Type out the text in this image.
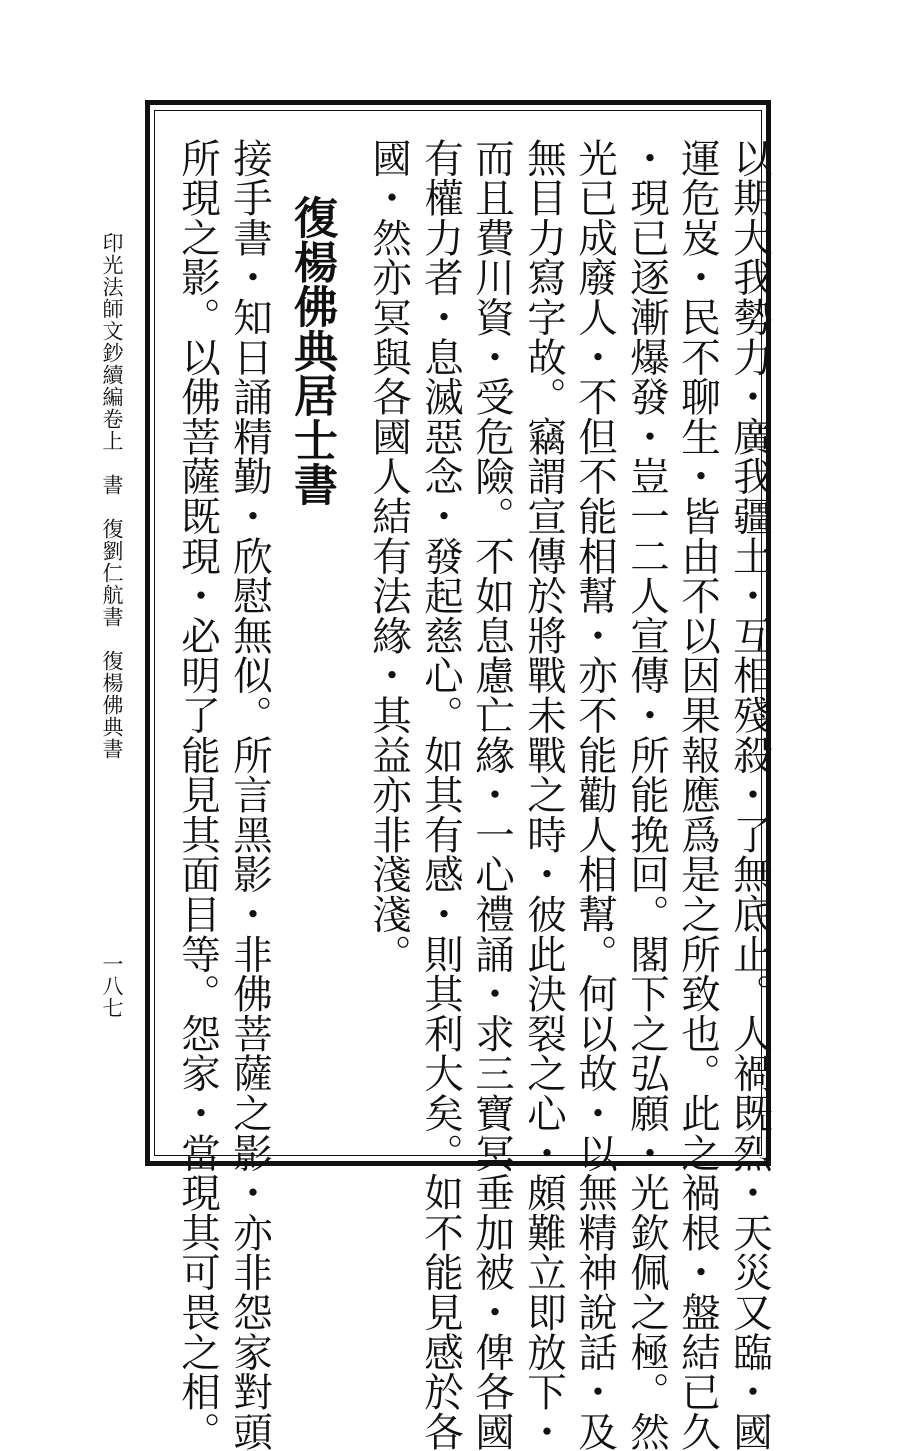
以期大我勢力・廣我疆土・互相殘殺・了無底止。人禍既烈・天災又臨・國
運危岌・民不聊生・皆由不以因果報應爲是之所致也。此之禍根・盤結已久
・現已逐漸爆發・豈一二人宣傳・所能挽回。閣下之弘願・光欽佩之極。然
光已成廢人・不但不能相幫・亦不能勸人相幫。何以故・以無精神說話・及
無目力寫字故。竊謂宣傳於將戰未戰之時・彼此決裂之心・頗難立即放下・
而且費川資・受危險。不如息慮亡緣・一心禮誦・求三寶冥垂加被・俾各國
有權力者・息滅惡念・發起慈心。如其有感・則其利大矣。如不能見感於各
國・然亦冥與各國人結有法緣・其益亦非淺淺。
復楊佛典居士書
接手書・知日誦精勤・欣慰無似。所言黑影・非佛菩薩之影・亦非怨家對頭
所現之影。以佛菩薩既現・必明了能見其面目等。怨家・當現其可畏之相。
印光法師文鈔續編卷上　書　復劉仁航書　復楊佛典書
一八七
